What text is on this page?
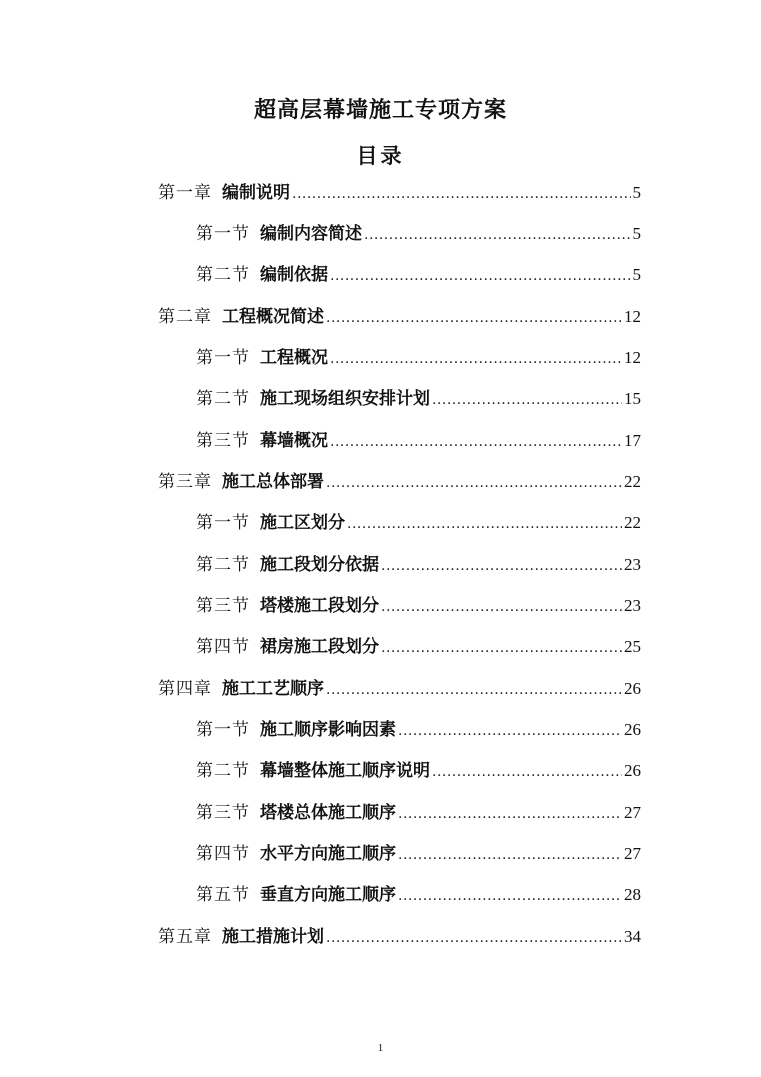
超高层幕墙施工专项方案
目录
第一章 编制说明 .....	5
第一节 编制内容简述 .....	5
第二节 编制依据 .....	5
第二章 工程概况简述 .....	12
第一节 工程概况 .....	12
第二节 施工现场组织安排计划 .....	15
第三节 幕墙概况 .....	17
第三章 施工总体部署 .....	22
第一节 施工区划分 .....	22
第二节 施工段划分依据 .....	23
第三节 塔楼施工段划分 .....	23
第四节 裙房施工段划分 .....	25
第四章 施工工艺顺序 .....	26
第一节 施工顺序影响因素 .....	26
第二节 幕墙整体施工顺序说明 .....	26
第三节 塔楼总体施工顺序 .....	27
第四节 水平方向施工顺序 .....	27
第五节 垂直方向施工顺序 .....	28
第五章 施工措施计划 .....	34
1
